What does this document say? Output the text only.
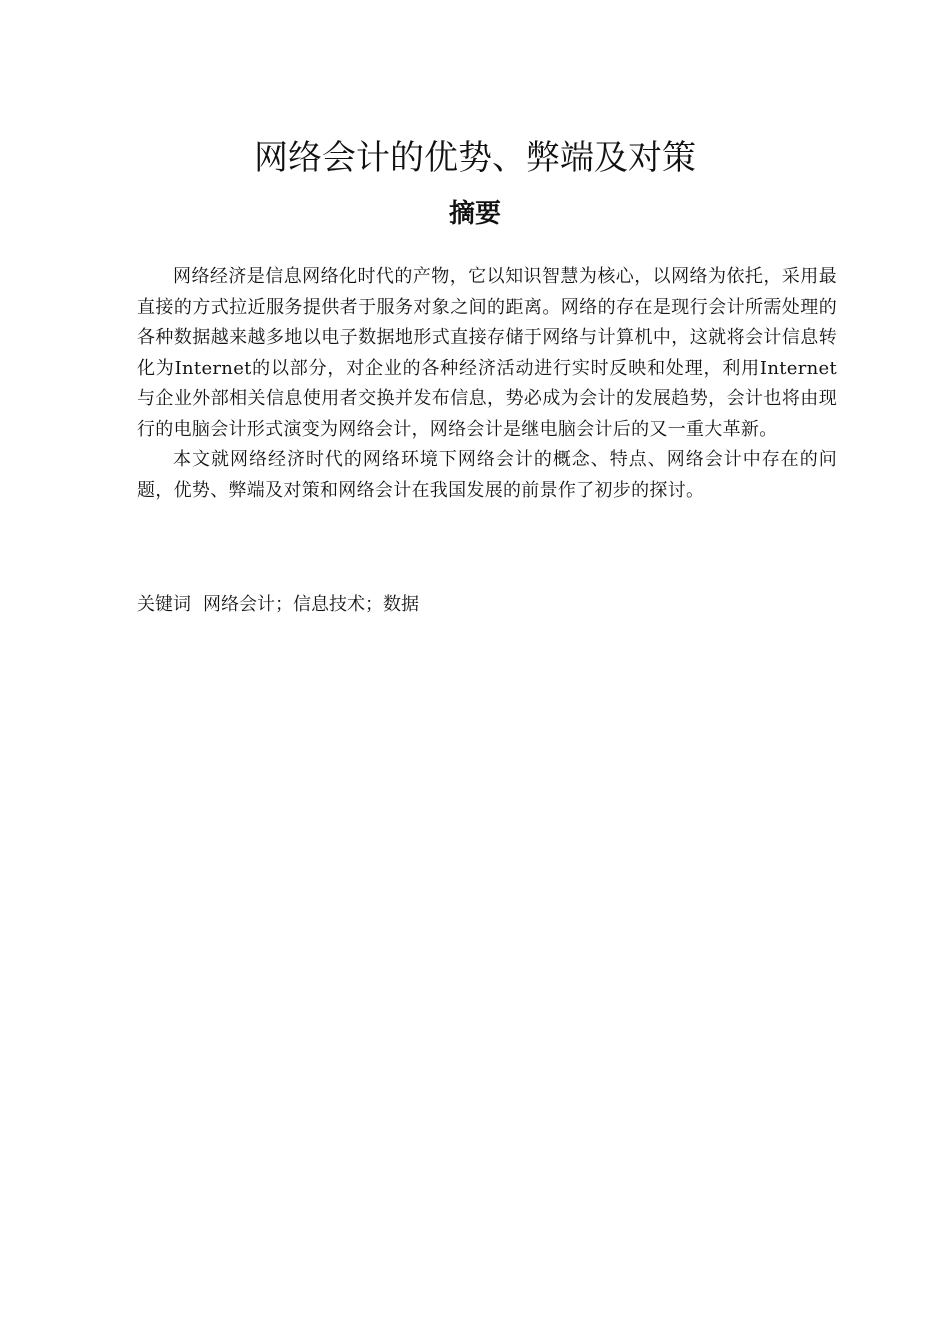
网络会计的优势、弊端及对策
摘要

网络经济是信息网络化时代的产物，它以知识智慧为核心，以网络为依托，采用最直接的方式拉近服务提供者于服务对象之间的距离。网络的存在是现行会计所需处理的各种数据越来越多地以电子数据地形式直接存储于网络与计算机中，这就将会计信息转化为Internet的以部分，对企业的各种经济活动进行实时反映和处理，利用Internet与企业外部相关信息使用者交换并发布信息，势必成为会计的发展趋势，会计也将由现行的电脑会计形式演变为网络会计，网络会计是继电脑会计后的又一重大革新。

本文就网络经济时代的网络环境下网络会计的概念、特点、网络会计中存在的问题，优势、弊端及对策和网络会计在我国发展的前景作了初步的探讨。

关键词 网络会计；信息技术；数据
